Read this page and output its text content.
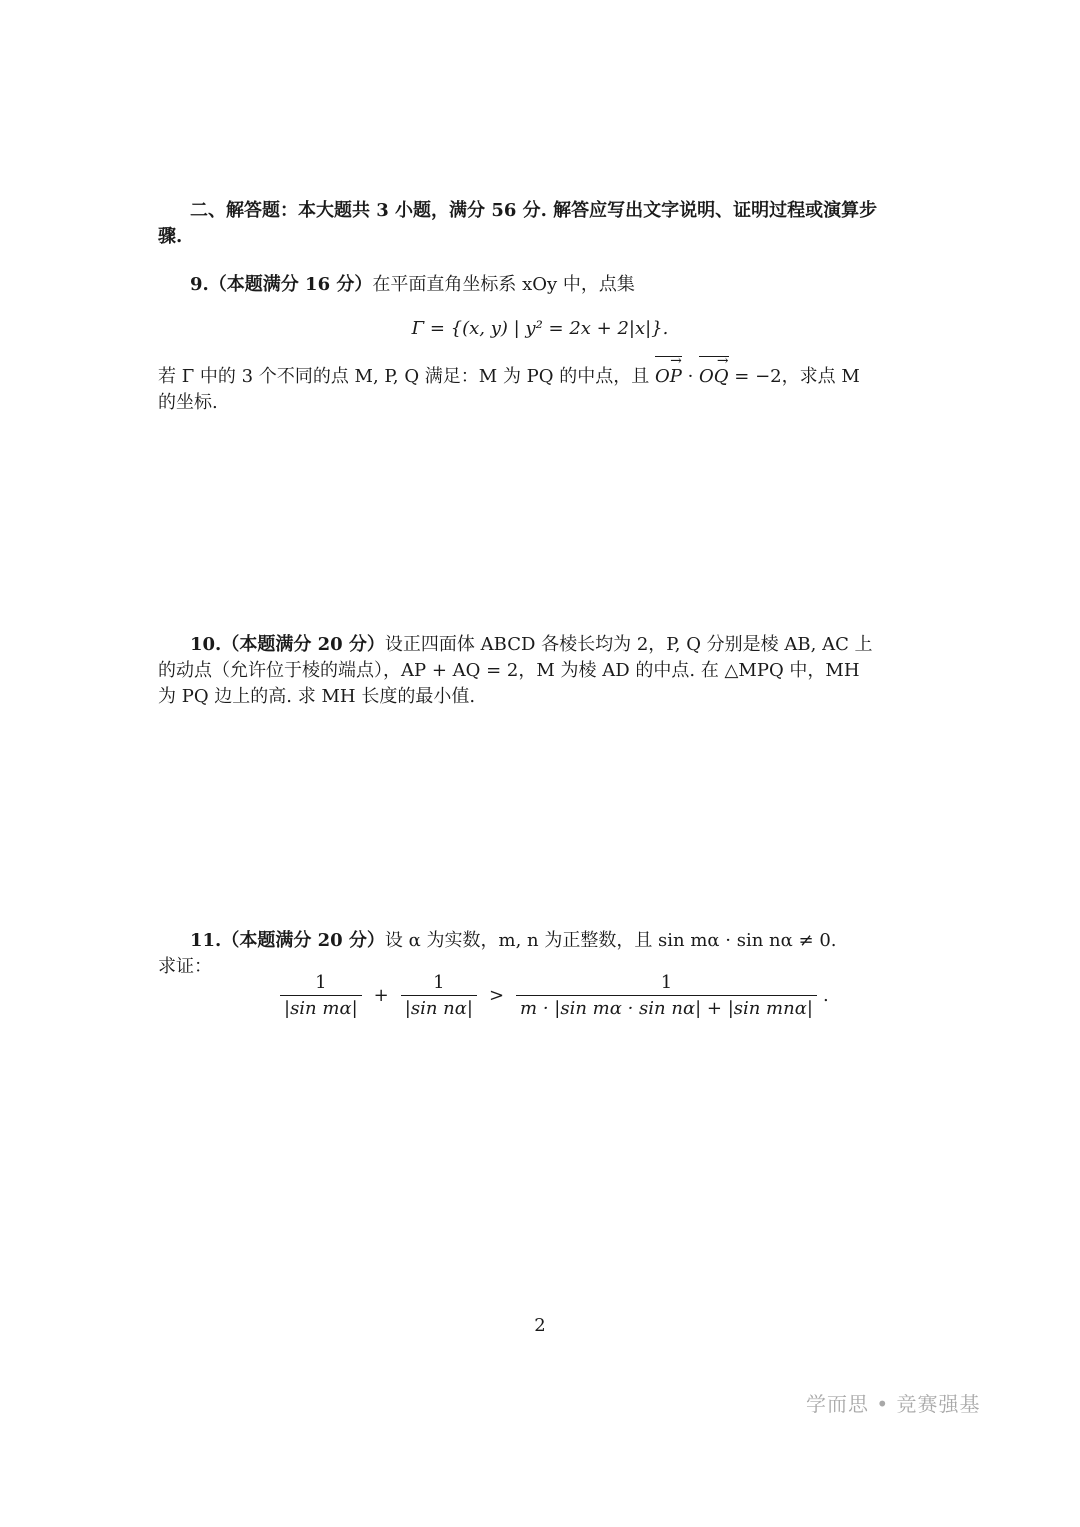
二、解答题：本大题共 3 小题，满分 56 分. 解答应写出文字说明、证明过程或演算步骤.
9.（本题满分 16 分）在平面直角坐标系 xOy 中，点集
Γ = {(x, y) | y² = 2x + 2|x|}.
若 Γ 中的 3 个不同的点 M, P, Q 满足：M 为 PQ 的中点，且 → OP · → OQ = −2，求点 M 的坐标.
10.（本题满分 20 分）设正四面体 ABCD 各棱长均为 2，P, Q 分别是棱 AB, AC 上的动点（允许位于棱的端点），AP + AQ = 2，M 为棱 AD 的中点. 在 △MPQ 中，MH 为 PQ 边上的高. 求 MH 长度的最小值.
11.（本题满分 20 分）设 α 为实数，m, n 为正整数，且 sin mα · sin nα ≠ 0.
求证：
$\frac{1}{\text{|sin mα|}} + \frac{1}{\text{|sin nα|}} > \frac{1}{\text{m · |sin mα · sin nα| + |sin mnα|}}$ .
2
学而思 • 竞赛强基
